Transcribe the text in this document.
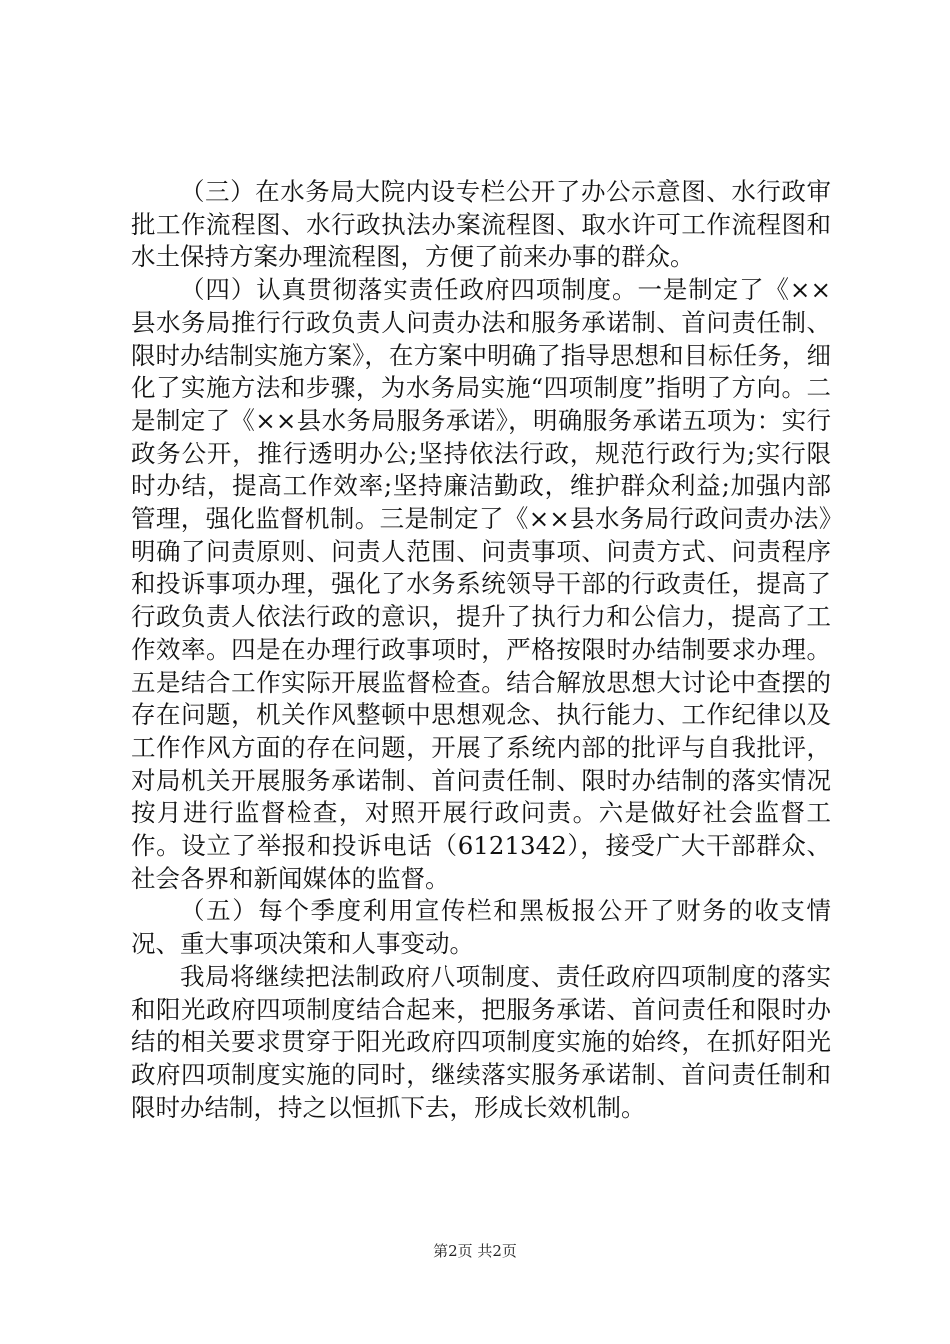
（三）在水务局大院内设专栏公开了办公示意图、水行政审批工作流程图、水行政执法办案流程图、取水许可工作流程图和水土保持方案办理流程图，方便了前来办事的群众。

（四）认真贯彻落实责任政府四项制度。一是制定了《××县水务局推行行政负责人问责办法和服务承诺制、首问责任制、限时办结制实施方案》，在方案中明确了指导思想和目标任务，细化了实施方法和步骤，为水务局实施“四项制度”指明了方向。二是制定了《××县水务局服务承诺》，明确服务承诺五项为：实行政务公开，推行透明办公;坚持依法行政，规范行政行为;实行限时办结，提高工作效率;坚持廉洁勤政，维护群众利益;加强内部管理，强化监督机制。三是制定了《××县水务局行政问责办法》明确了问责原则、问责人范围、问责事项、问责方式、问责程序和投诉事项办理，强化了水务系统领导干部的行政责任，提高了行政负责人依法行政的意识，提升了执行力和公信力，提高了工作效率。四是在办理行政事项时，严格按限时办结制要求办理。五是结合工作实际开展监督检查。结合解放思想大讨论中查摆的存在问题，机关作风整顿中思想观念、执行能力、工作纪律以及工作作风方面的存在问题，开展了系统内部的批评与自我批评，对局机关开展服务承诺制、首问责任制、限时办结制的落实情况按月进行监督检查，对照开展行政问责。六是做好社会监督工作。设立了举报和投诉电话（6121342），接受广大干部群众、社会各界和新闻媒体的监督。

（五）每个季度利用宣传栏和黑板报公开了财务的收支情况、重大事项决策和人事变动。

我局将继续把法制政府八项制度、责任政府四项制度的落实和阳光政府四项制度结合起来，把服务承诺、首问责任和限时办结的相关要求贯穿于阳光政府四项制度实施的始终，在抓好阳光政府四项制度实施的同时，继续落实服务承诺制、首问责任制和限时办结制，持之以恒抓下去，形成长效机制。

第2页 共2页
